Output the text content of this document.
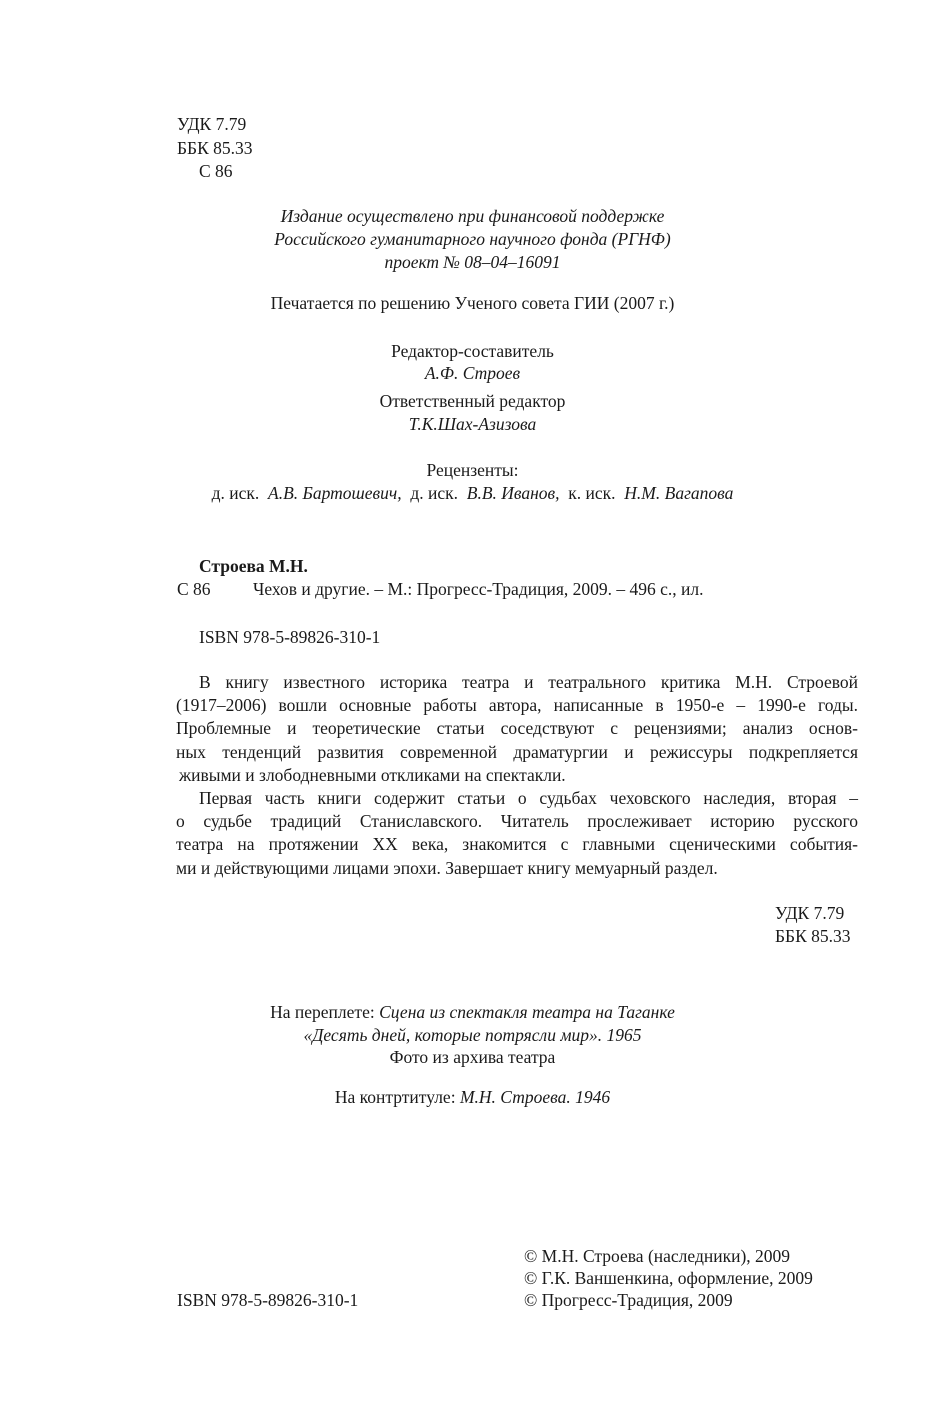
УДК 7.79
ББК 85.33
С 86
Издание осуществлено при финансовой поддержке
Российского гуманитарного научного фонда (РГНФ)
проект № 08–04–16091
Печатается по решению Ученого совета ГИИ (2007 г.)
Редактор-составитель
А.Ф. Строев
Ответственный редактор
Т.К.Шах-Азизова
Рецензенты:
д. иск. А.В. Бартошевич, д. иск. В.В. Иванов, к. иск. Н.М. Вагапова
Строева М.Н.
С 86 Чехов и другие. – М.: Прогресс-Традиция, 2009. – 496 с., ил.
ISBN 978-5-89826-310-1
В книгу известного историка театра и театрального критика М.Н. Строевой
(1917–2006) вошли основные работы автора, написанные в 1950-е – 1990-е годы.
Проблемные и теоретические статьи соседствуют с рецензиями; анализ основ-
ных тенденций развития современной драматургии и режиссуры подкрепляется
живыми и злободневными откликами на спектакли.
Первая часть книги содержит статьи о судьбах чеховского наследия, вторая –
о судьбе традиций Станиславского. Читатель прослеживает историю русского
театра на протяжении XX века, знакомится с главными сценическими события-
ми и действующими лицами эпохи. Завершает книгу мемуарный раздел.
УДК 7.79
ББК 85.33
На переплете: Сцена из спектакля театра на Таганке
«Десять дней, которые потрясли мир». 1965
Фото из архива театра
На контртитуле: М.Н. Строева. 1946
© М.Н. Строева (наследники), 2009
© Г.К. Ваншенкина, оформление, 2009
ISBN 978-5-89826-310-1	© Прогресс-Традиция, 2009
